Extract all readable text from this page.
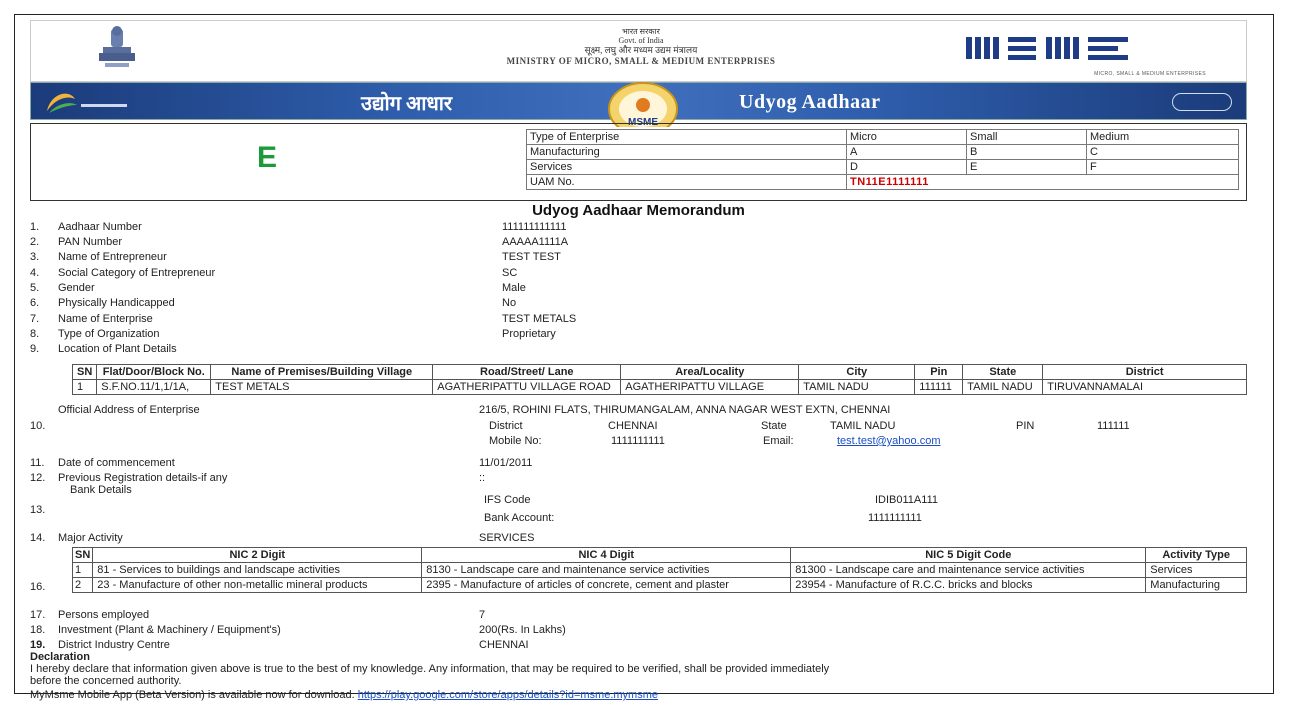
भारत सरकार
Govt. of India
सूक्ष्म, लघु और मध्यम उद्यम मंत्रालय
MINISTRY OF MICRO, SMALL & MEDIUM ENTERPRISES
MICRO, SMALL & MEDIUM ENTERPRISES
उद्योग आधार
MSME
Udyog Aadhaar
E
Type of Enterprise	Micro	Small	Medium
Manufacturing	A	B	C
Services	D	E	F
UAM No.	TN11E1111111		
Udyog Aadhaar Memorandum
1. Aadhaar Number	111111111111
2. PAN Number	AAAAA1111A
3. Name of Entrepreneur	TEST TEST
4. Social Category of Entrepreneur	SC
5. Gender	Male
6. Physically Handicapped	No
7. Name of Enterprise	TEST METALS
8. Type of Organization	Proprietary
9. Location of Plant Details
SN	Flat/Door/Block No.	Name of Premises/Building Village	Road/Street/ Lane	Area/Locality	City	Pin	State	District
1	S.F.NO.11/1,1/1A,	TEST METALS	AGATHERIPATTU VILLAGE ROAD	AGATHERIPATTU VILLAGE	TAMIL NADU	111111	TAMIL NADU	TIRUVANNAMALAI
Official Address of Enterprise	216/5, ROHINI FLATS, THIRUMANGALAM, ANNA NAGAR WEST EXTN, CHENNAI
10.	District	CHENNAI	State	TAMIL NADU	PIN	111111
Mobile No:	1111111111	Email:	test.test@yahoo.com
11. Date of commencement	11/01/2011
12. Previous Registration details-if any	::
Bank Details
IFS Code	IDIB011A111
13.
Bank Account:	1111111111
14. Major Activity	SERVICES
16.
SN	NIC 2 Digit	NIC 4 Digit	NIC 5 Digit Code	Activity Type
1	81 - Services to buildings and landscape activities	8130 - Landscape care and maintenance service activities	81300 - Landscape care and maintenance service activities	Services
2	23 - Manufacture of other non-metallic mineral products	2395 - Manufacture of articles of concrete, cement and plaster	23954 - Manufacture of R.C.C. bricks and blocks	Manufacturing
17. Persons employed	7
18. Investment (Plant & Machinery / Equipment's)	200(Rs. In Lakhs)
19. District Industry Centre	CHENNAI
Declaration
I hereby declare that information given above is true to the best of my knowledge. Any information, that may be required to be verified, shall be provided immediately
before the concerned authority.
MyMsme Mobile App (Beta Version) is available now for download. https://play.google.com/store/apps/details?id=msme.mymsme
